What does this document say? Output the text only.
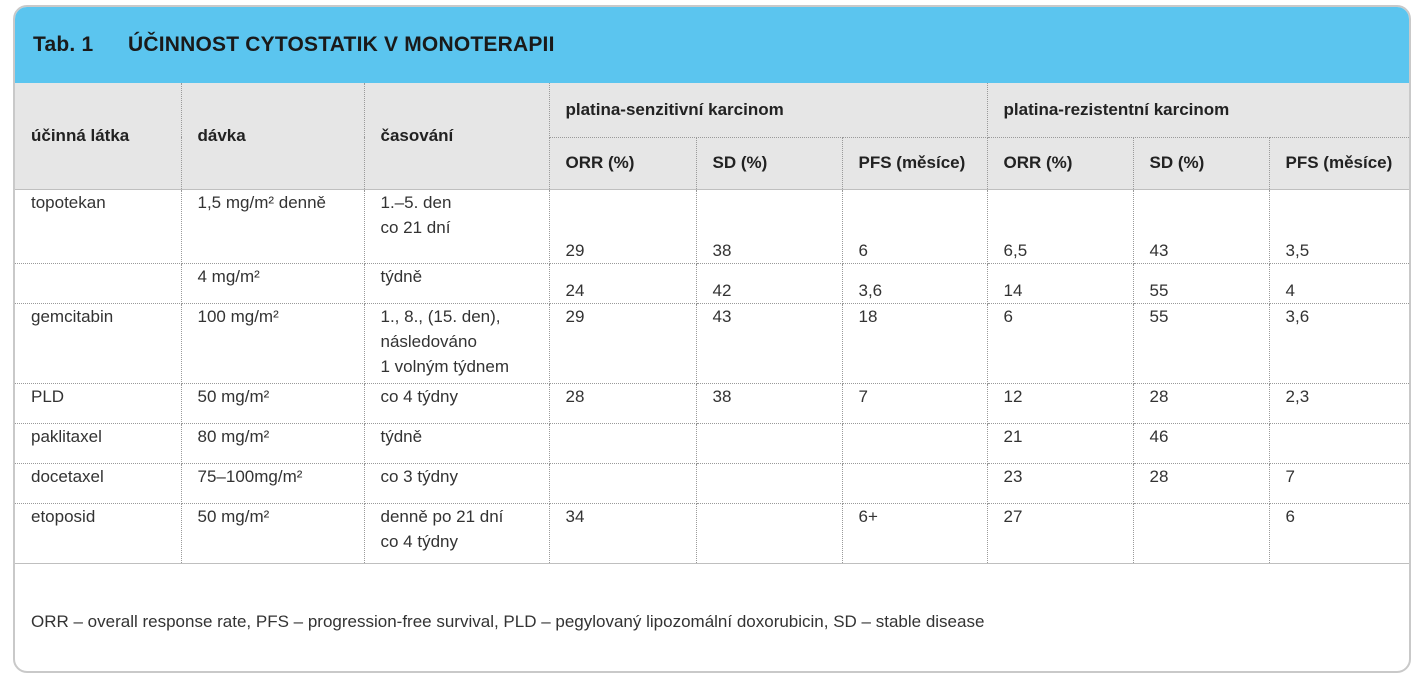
Tab. 1	ÚČINNOST CYTOSTATIK V MONOTERAPII
účinná látka	dávka	časování	platina-senzitivní karcinom			platina-rezistentní karcinom		
			ORR (%)	SD (%)	PFS (měsíce)	ORR (%)	SD (%)	PFS (měsíce)
topotekan	1,5 mg/m² denně	1.–5. den
co 21 dní	29	38	6	6,5	43	3,5
	4 mg/m²	týdně	24	42	3,6	14	55	4
gemcitabin	100 mg/m²	1., 8., (15. den),
následováno
1 volným týdnem	29	43	18	6	55	3,6
PLD	50 mg/m²	co 4 týdny	28	38	7	12	28	2,3
paklitaxel	80 mg/m²	týdně				21	46	
docetaxel	75–100mg/m²	co 3 týdny				23	28	7
etoposid	50 mg/m²	denně po 21 dní
co 4 týdny	34		6+	27		6
ORR – overall response rate, PFS – progression-free survival, PLD – pegylovaný lipozomální doxorubicin, SD – stable disease
